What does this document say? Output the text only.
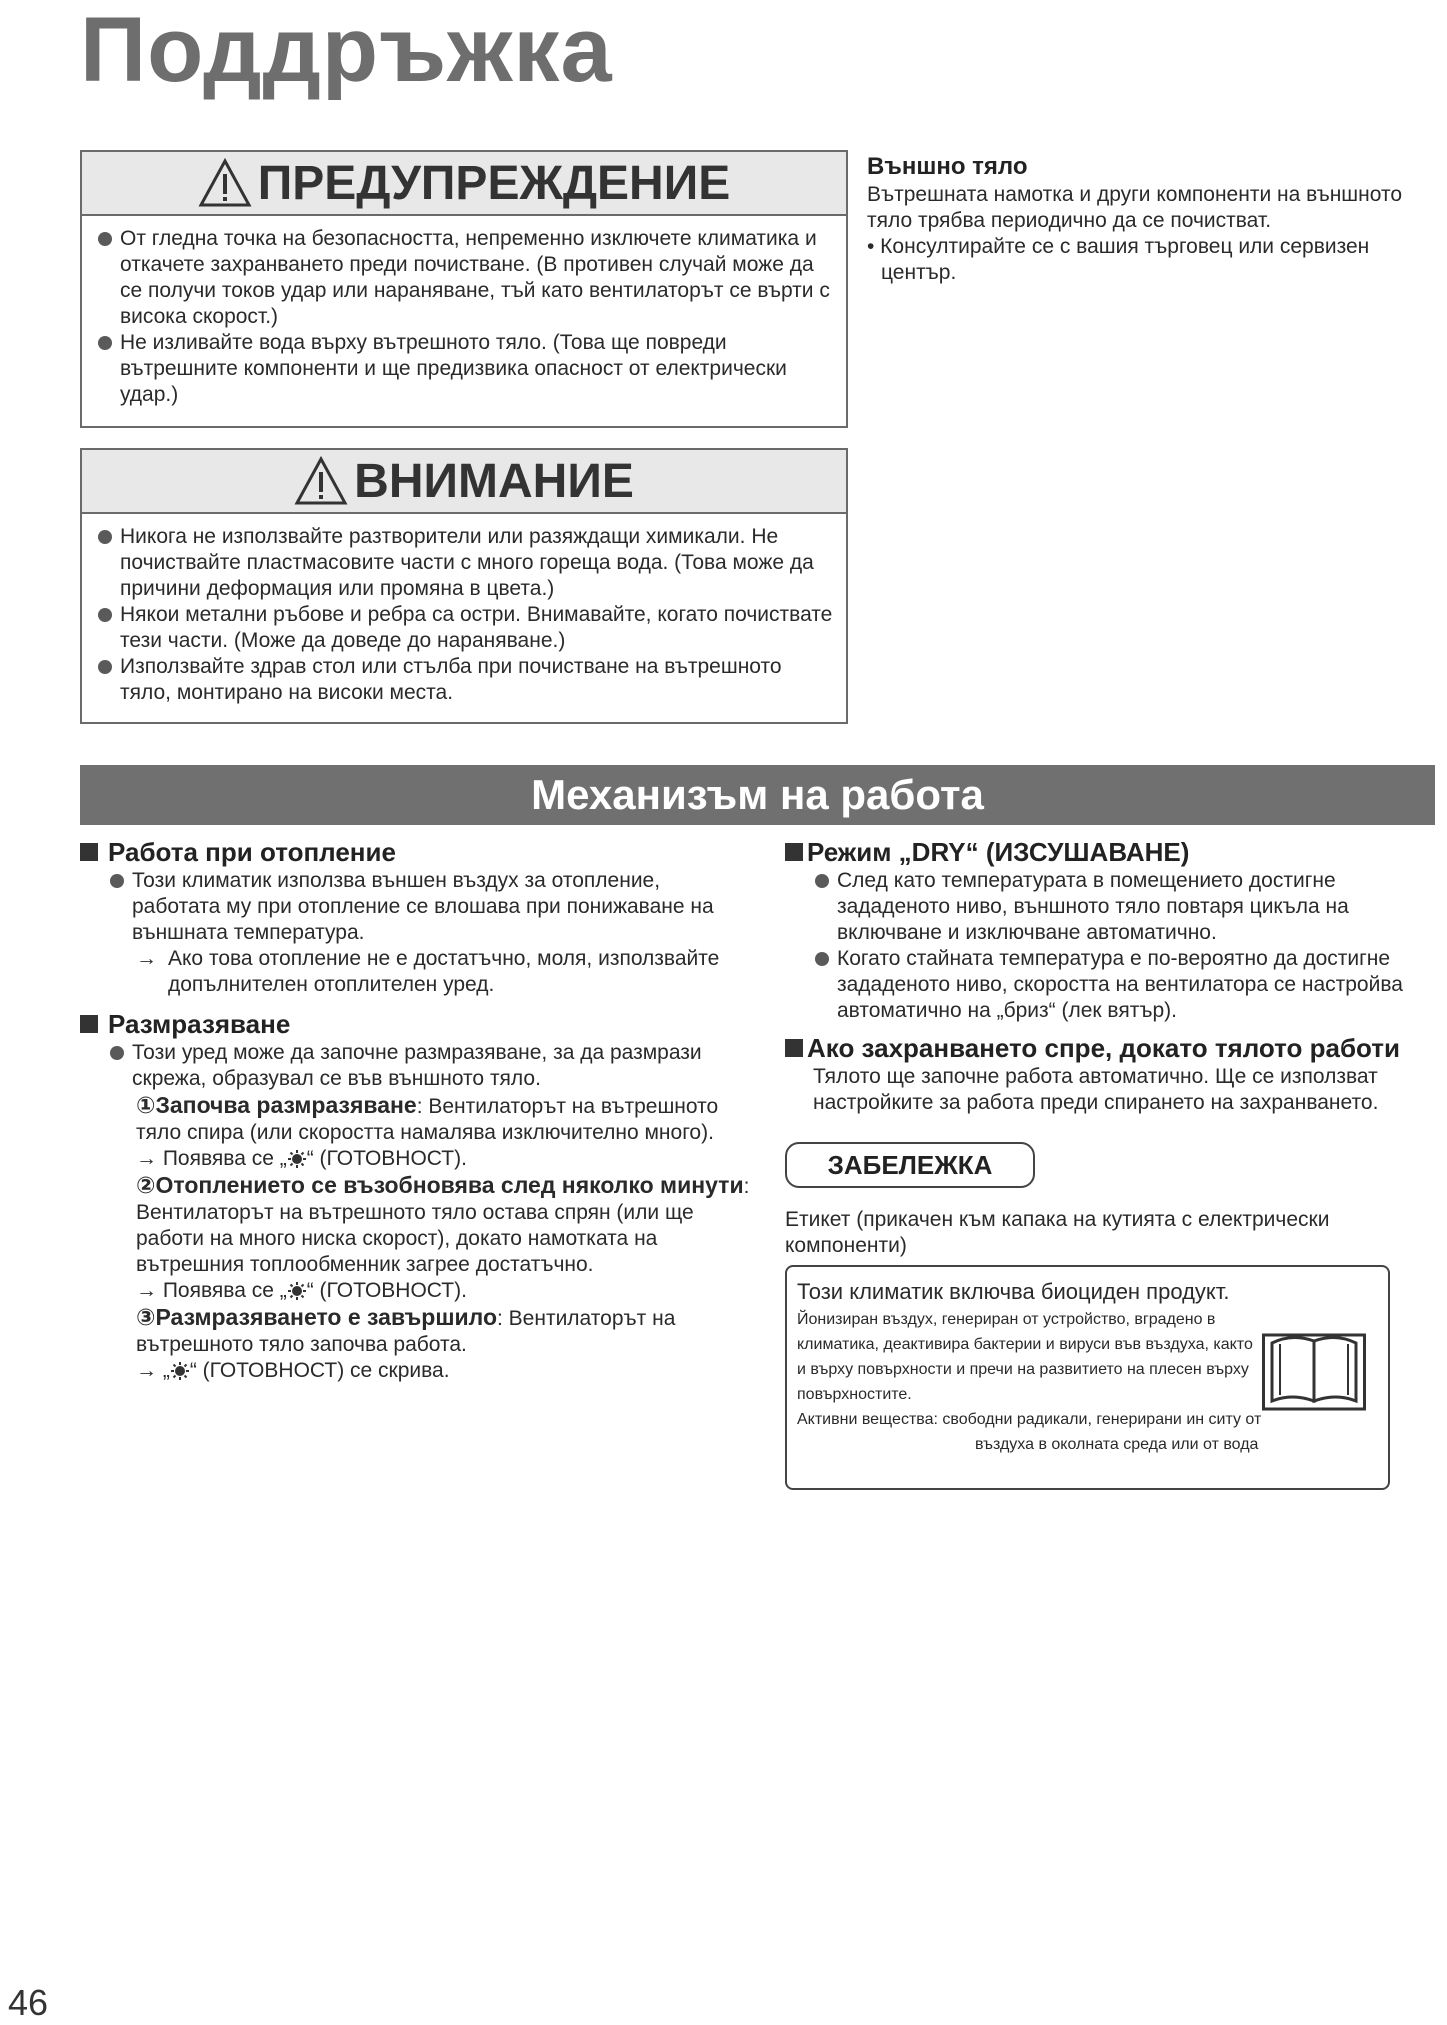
Поддръжка
ПРЕДУПРЕЖДЕНИЕ
От гледна точка на безопасността, непременно изключете климатика и откачете захранването преди почистване. (В противен случай може да се получи токов удар или нараняване, тъй като вентилаторът се върти с висока скорост.)
Не изливайте вода върху вътрешното тяло. (Това ще повреди вътрешните компоненти и ще предизвика опасност от електрически удар.)
ВНИМАНИЕ
Никога не използвайте разтворители или разяждащи химикали. Не почиствайте пластмасовите части с много гореща вода. (Това може да причини деформация или промяна в цвета.)
Някои метални ръбове и ребра са остри. Внимавайте, когато почиствате тези части. (Може да доведе до нараняване.)
Използвайте здрав стол или стълба при почистване на вътрешното тяло, монтирано на високи места.
Външно тяло
Вътрешната намотка и други компоненти на външното тяло трябва периодично да се почистват.
• Консултирайте се с вашия търговец или сервизен
център.
Механизъм на работа
Работа при отопление
Този климатик използва външен въздух за отопление, работата му при отопление се влошава при понижаване на външната температура.
→ Ако това отопление не е достатъчно, моля, използвайте допълнителен отоплителен уред.
Размразяване
Този уред може да започне размразяване, за да размрази скрежа, образувал се във външното тяло.
①Започва размразяване: Вентилаторът на вътрешното тяло спира (или скоростта намалява изключително много).
→ Появява се „ “ (ГОТОВНОСТ).
②Отоплението се възобновява след няколко минути: Вентилаторът на вътрешното тяло остава спрян (или ще работи на много ниска скорост), докато намотката на вътрешния топлообменник загрее достатъчно.
→ Появява се „ “ (ГОТОВНОСТ).
③Размразяването е завършило: Вентилаторът на вътрешното тяло започва работа.
→ „ “ (ГОТОВНОСТ) се скрива.
Режим „DRY“ (ИЗСУШАВАНЕ)
След като температурата в помещението достигне зададеното ниво, външното тяло повтаря цикъла на включване и изключване автоматично.
Когато стайната температура е по-вероятно да достигне зададеното ниво, скоростта на вентилатора се настройва автоматично на „бриз“ (лек вятър).
Ако захранването спре, докато тялото работи
Тялото ще започне работа автоматично. Ще се използват настройките за работа преди спирането на захранването.
ЗАБЕЛЕЖКА
Етикет (прикачен към капака на кутията с електрически компоненти)
Този климатик включва биоциден продукт.
Йонизиран въздух, генериран от устройство, вградено в климатика, деактивира бактерии и вируси във въздуха, както и върху повърхности и пречи на развитието на плесен върху повърхностите.
Активни вещества: свободни радикали, генерирани ин ситу от
въздуха в околната среда или от вода
46
